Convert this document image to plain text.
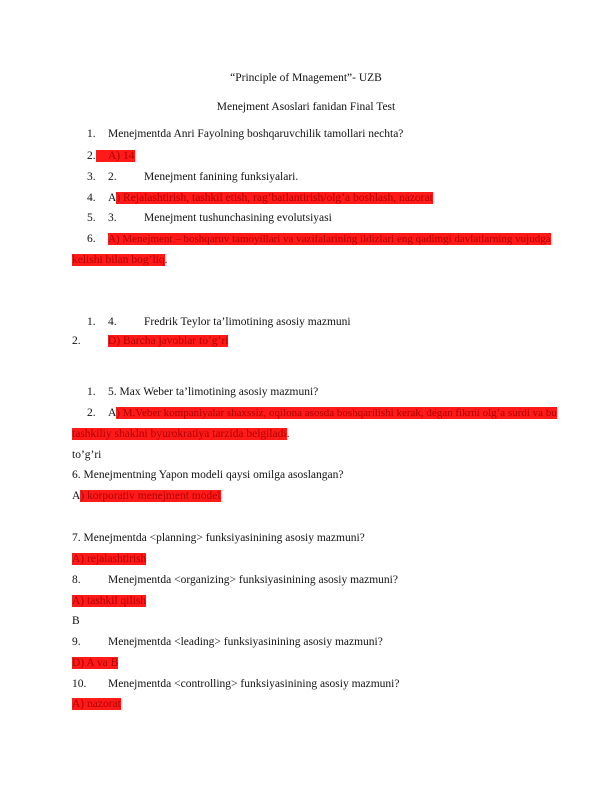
“Principle of Mnagement”- UZB
Menejment Asoslari fanidan Final Test
1. Menejmentda Anri Fayolning boshqaruvchilik tamollari nechta?
2.	A) 14
3. 2. Menejment fanining funksiyalari.
4. A) Rejalashtirish, tashkil etish, rag’batlantirish/olg’a boshlash, nazorat
5. 3. Menejment tushunchasining evolutsiyasi
6. A) Menejment – boshqaruv tamoyillari va vazifalarining ildizlari eng qadimgi davlatlarning vujudga
kelishi bilan bog’liq.
1. 4. Fredrik Teylor ta’limotining asosiy mazmuni
2. D) Barcha javoblar to’g’ri
1. 5. Max Weber ta’limotining asosiy mazmuni?
2. A) M.Veber kompaniyalar shaxssiz, oqilona asosda boshqarilishi kerak, degan fikrni olg’a surdi va bu
tashkiliy shaklni byurokratiya tarzida belgiladi.
to’g’ri
6. Menejmentning Yapon modeli qaysi omilga asoslangan?
A) korporativ menejment model
7. Menejmentda <planning> funksiyasinining asosiy mazmuni?
A) rejalashtirish
8. Menejmentda <organizing> funksiyasinining asosiy mazmuni?
A) tashkil qilish
B
9. Menejmentda <leading> funksiyasinining asosiy mazmuni?
D) A va B
10. Menejmentda <controlling> funksiyasinining asosiy mazmuni?
A) nazorat
